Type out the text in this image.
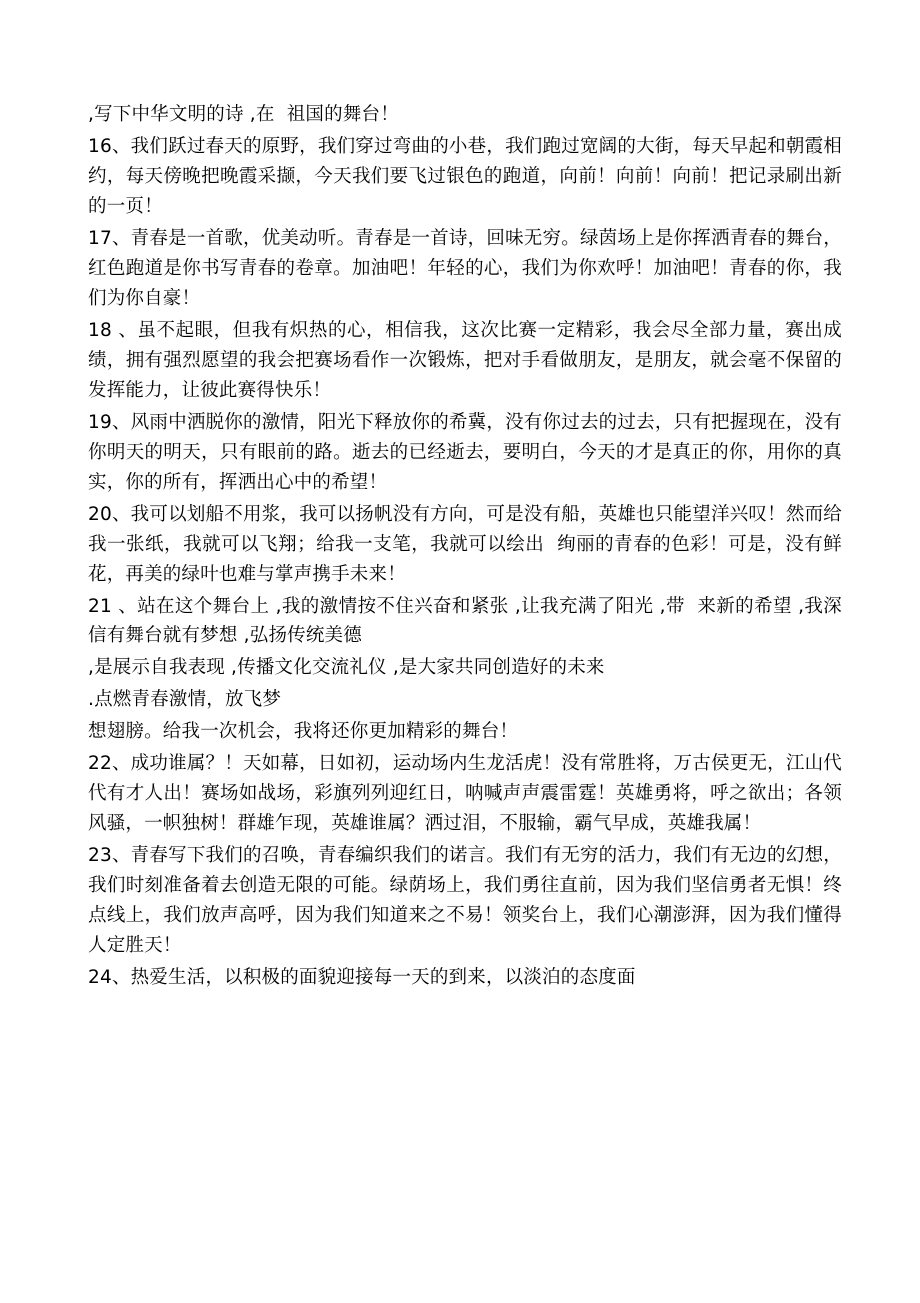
,写下中华文明的诗 ,在  祖国的舞台！

16、我们跃过春天的原野，我们穿过弯曲的小巷，我们跑过宽阔的大街，每天早起和朝霞相约，每天傍晚把晚霞采撷，今天我们要飞过银色的跑道，向前！向前！向前！把记录刷出新的一页！

17、青春是一首歌，优美动听。青春是一首诗，回味无穷。绿茵场上是你挥洒青春的舞台，红色跑道是你书写青春的卷章。加油吧！年轻的心，我们为你欢呼！加油吧！青春的你，我们为你自豪！

18 、虽不起眼，但我有炽热的心，相信我，这次比赛一定精彩，我会尽全部力量，赛出成绩，拥有强烈愿望的我会把赛场看作一次锻炼，把对手看做朋友，是朋友，就会毫不保留的发挥能力，让彼此赛得快乐！

19、风雨中洒脱你的激情，阳光下释放你的希冀，没有你过去的过去，只有把握现在，没有你明天的明天，只有眼前的路。逝去的已经逝去，要明白，今天的才是真正的你，用你的真实，你的所有，挥洒出心中的希望！

20、我可以划船不用浆，我可以扬帆没有方向，可是没有船，英雄也只能望洋兴叹！然而给我一张纸，我就可以飞翔；给我一支笔，我就可以绘出  绚丽的青春的色彩！可是，没有鲜花，再美的绿叶也难与掌声携手未来！

21 、站在这个舞台上 ,我的激情按不住兴奋和紧张 ,让我充满了阳光 ,带  来新的希望 ,我深信有舞台就有梦想 ,弘扬传统美德

,是展示自我表现 ,传播文化交流礼仪 ,是大家共同创造好的未来

.点燃青春激情，放飞梦

想翅膀。给我一次机会，我将还你更加精彩的舞台！

22、成功谁属？！天如幕，日如初，运动场内生龙活虎！没有常胜将，万古侯更无，江山代代有才人出！赛场如战场，彩旗列列迎红日，呐喊声声震雷霆！英雄勇将，呼之欲出；各领风骚，一帜独树！群雄乍现，英雄谁属？洒过泪，不服输，霸气早成，英雄我属！

23、青春写下我们的召唤，青春编织我们的诺言。我们有无穷的活力，我们有无边的幻想，我们时刻准备着去创造无限的可能。绿荫场上，我们勇往直前，因为我们坚信勇者无惧！终点线上，我们放声高呼，因为我们知道来之不易！领奖台上，我们心潮澎湃，因为我们懂得人定胜天！

24、热爱生活，以积极的面貌迎接每一天的到来，以淡泊的态度面
